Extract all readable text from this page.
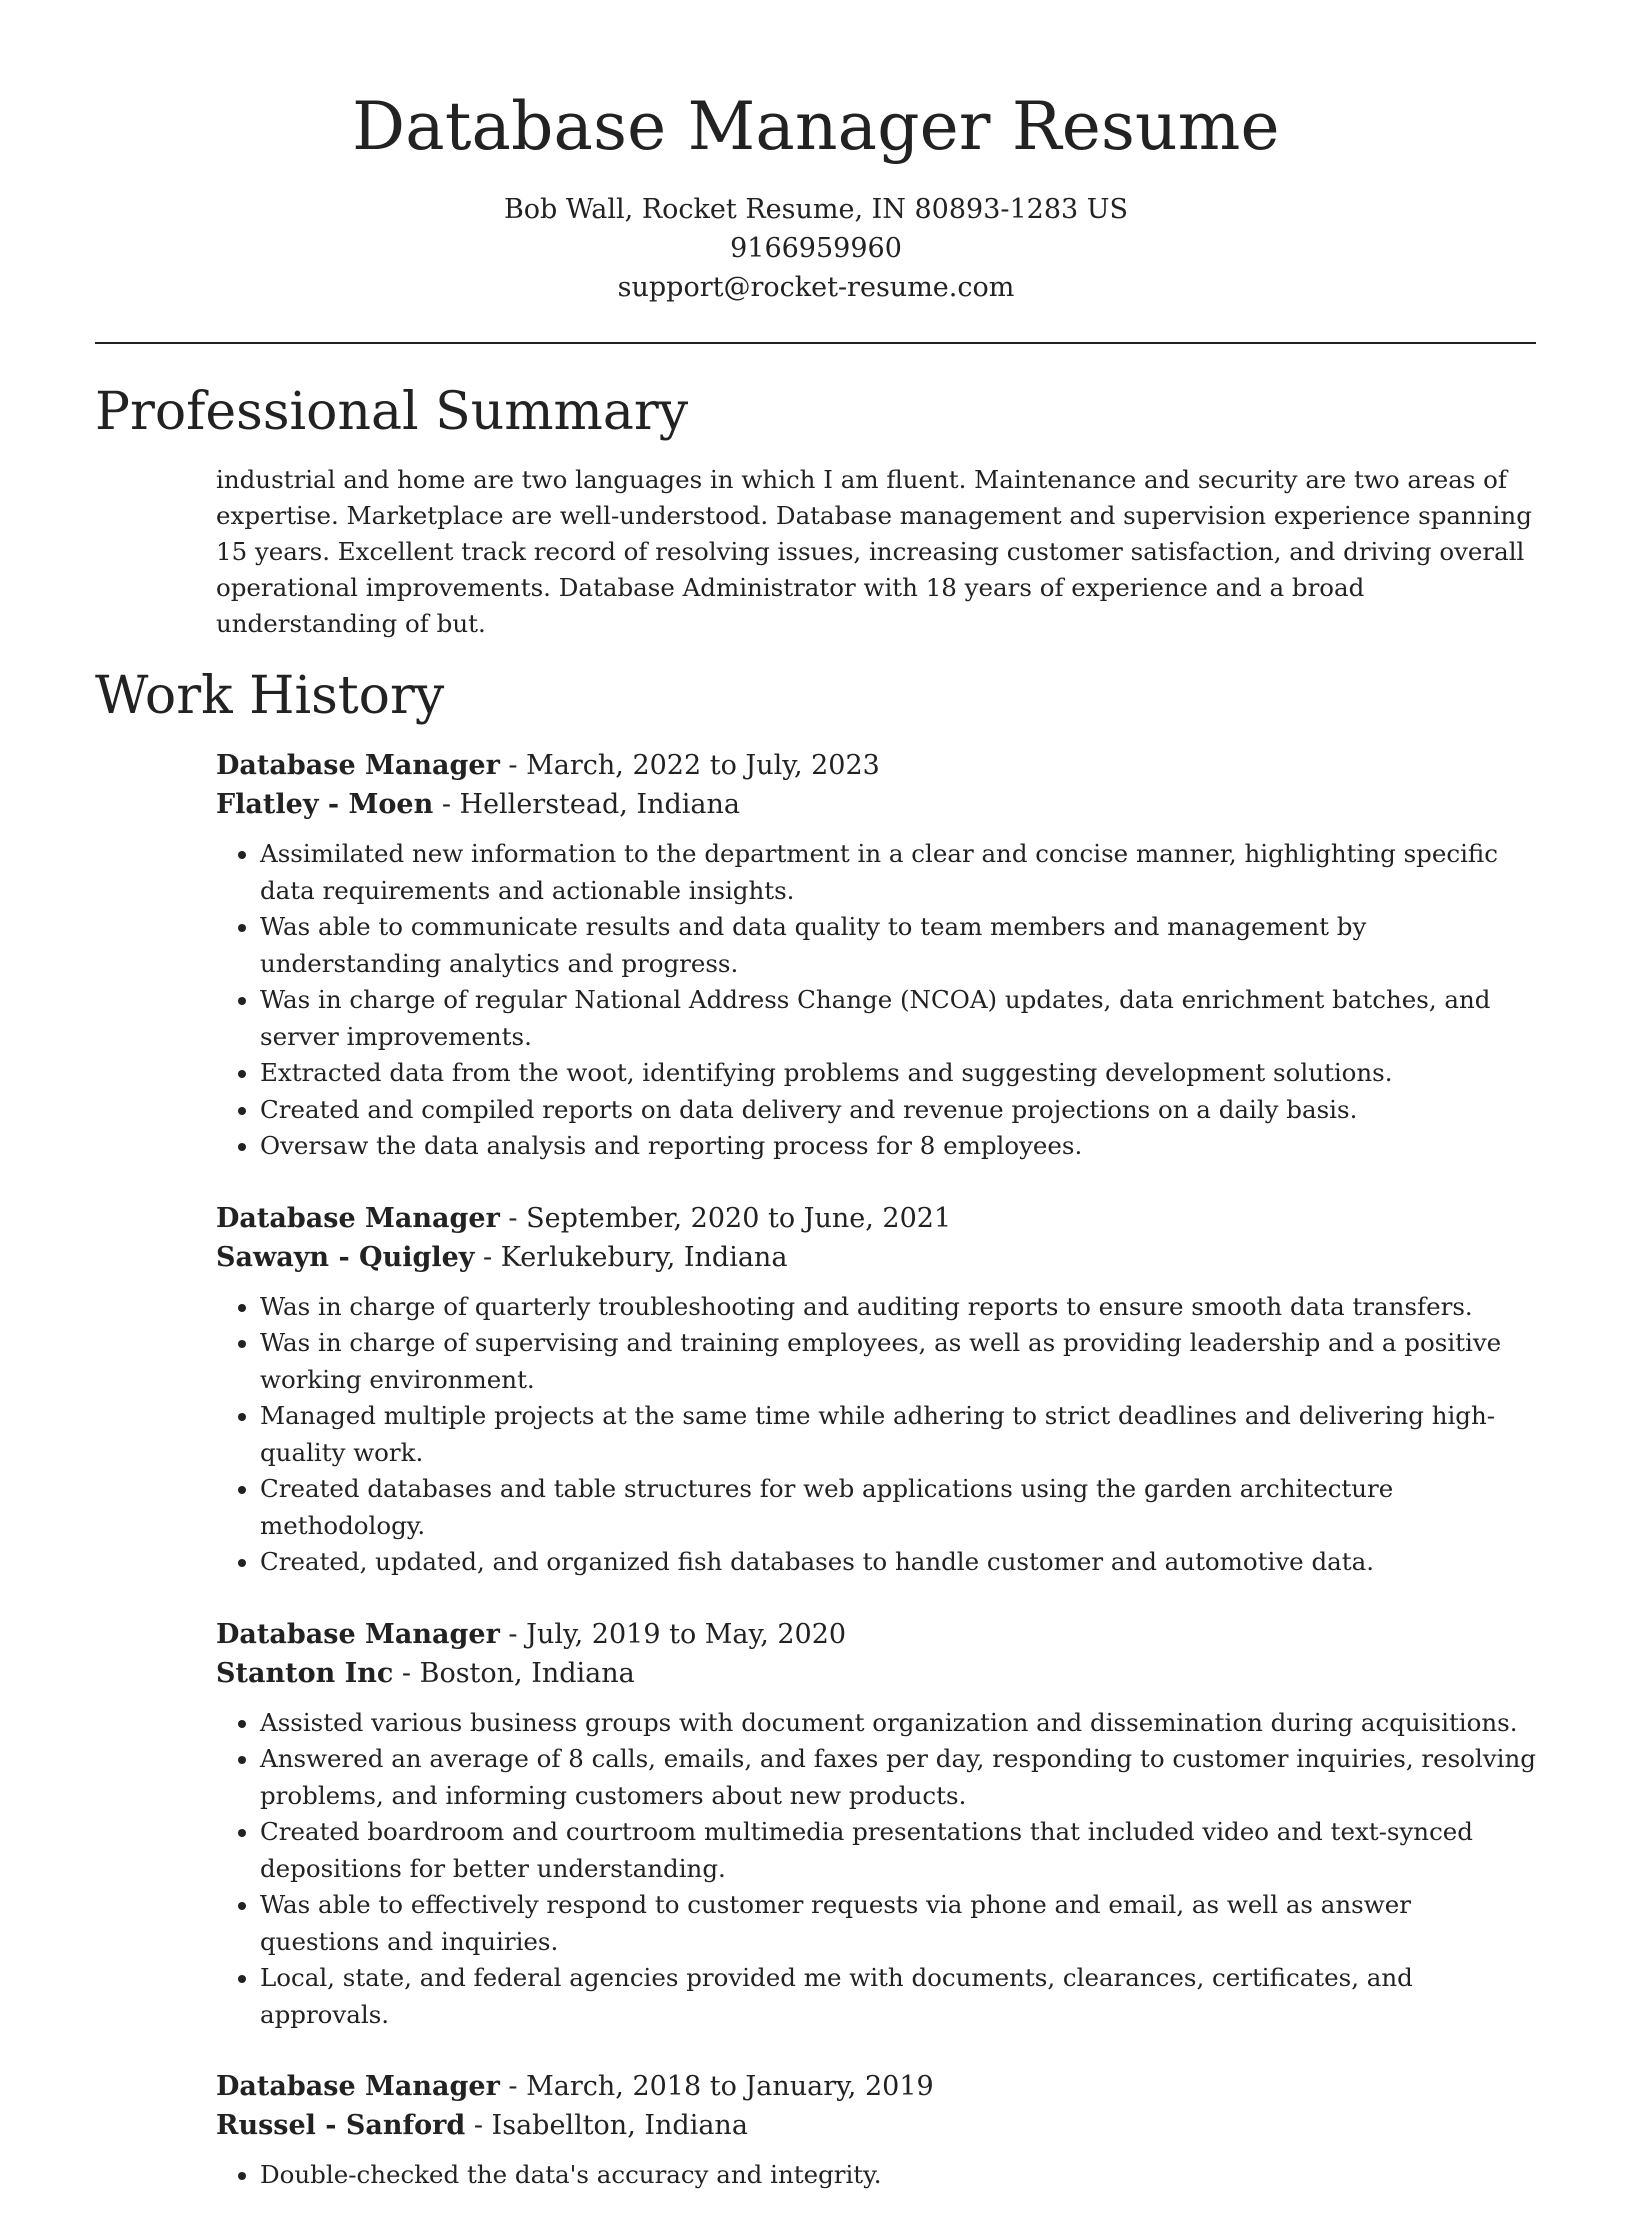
Database Manager Resume
Bob Wall, Rocket Resume, IN 80893-1283 US
9166959960
support@rocket-resume.com
Professional Summary

industrial and home are two languages in which I am fluent. Maintenance and security are two areas of expertise. Marketplace are well-understood. Database management and supervision experience spanning 15 years. Excellent track record of resolving issues, increasing customer satisfaction, and driving overall operational improvements. Database Administrator with 18 years of experience and a broad understanding of but.

Work History
Database Manager - March, 2022 to July, 2023
Flatley - Moen - Hellerstead, Indiana
• Assimilated new information to the department in a clear and concise manner, highlighting specific data requirements and actionable insights.
• Was able to communicate results and data quality to team members and management by understanding analytics and progress.
• Was in charge of regular National Address Change (NCOA) updates, data enrichment batches, and server improvements.
• Extracted data from the woot, identifying problems and suggesting development solutions.
• Created and compiled reports on data delivery and revenue projections on a daily basis.
• Oversaw the data analysis and reporting process for 8 employees.
Database Manager - September, 2020 to June, 2021
Sawayn - Quigley - Kerlukebury, Indiana
• Was in charge of quarterly troubleshooting and auditing reports to ensure smooth data transfers.
• Was in charge of supervising and training employees, as well as providing leadership and a positive working environment.
• Managed multiple projects at the same time while adhering to strict deadlines and delivering high-quality work.
• Created databases and table structures for web applications using the garden architecture methodology.
• Created, updated, and organized fish databases to handle customer and automotive data.
Database Manager - July, 2019 to May, 2020
Stanton Inc - Boston, Indiana
• Assisted various business groups with document organization and dissemination during acquisitions.
• Answered an average of 8 calls, emails, and faxes per day, responding to customer inquiries, resolving problems, and informing customers about new products.
• Created boardroom and courtroom multimedia presentations that included video and text-synced depositions for better understanding.
• Was able to effectively respond to customer requests via phone and email, as well as answer questions and inquiries.
• Local, state, and federal agencies provided me with documents, clearances, certificates, and approvals.
Database Manager - March, 2018 to January, 2019
Russel - Sanford - Isabellton, Indiana
• Double-checked the data's accuracy and integrity.
